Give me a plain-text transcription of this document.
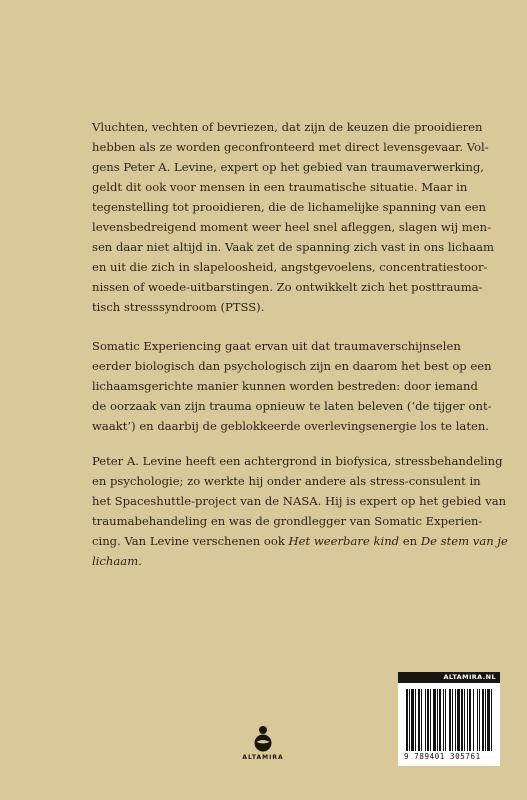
Vluchten, vechten of bevriezen, dat zijn de keuzen die prooidieren
hebben als ze worden geconfronteerd met direct levensgevaar. Vol-
gens Peter A. Levine, expert op het gebied van traumaverwerking,
geldt dit ook voor mensen in een traumatische situatie. Maar in
tegenstelling tot prooidieren, die de lichamelijke spanning van een
levensbedreigend moment weer heel snel afleggen, slagen wij men-
sen daar niet altijd in. Vaak zet de spanning zich vast in ons lichaam
en uit die zich in slapeloosheid, angstgevoelens, concentratiestoor-
nissen of woede-uitbarstingen. Zo ontwikkelt zich het posttrauma-
tisch stresssyndroom (PTSS).

Somatic Experiencing gaat ervan uit dat traumaverschijnselen
eerder biologisch dan psychologisch zijn en daarom het best op een
lichaamsgerichte manier kunnen worden bestreden: door iemand
de oorzaak van zijn trauma opnieuw te laten beleven (‘de tijger ont-
waakt’) en daarbij de geblokkeerde overlevingsenergie los te laten.

Peter A. Levine heeft een achtergrond in biofysica, stressbehandeling
en psychologie; zo werkte hij onder andere als stress-consulent in
het Spaceshuttle-project van de NASA. Hij is expert op het gebied van
traumabehandeling en was de grondlegger van Somatic Experien-
cing. Van Levine verschenen ook Het weerbare kind en De stem van je
lichaam.

ALTAMIRA
ALTAMIRA.NL
9 789401 305761
